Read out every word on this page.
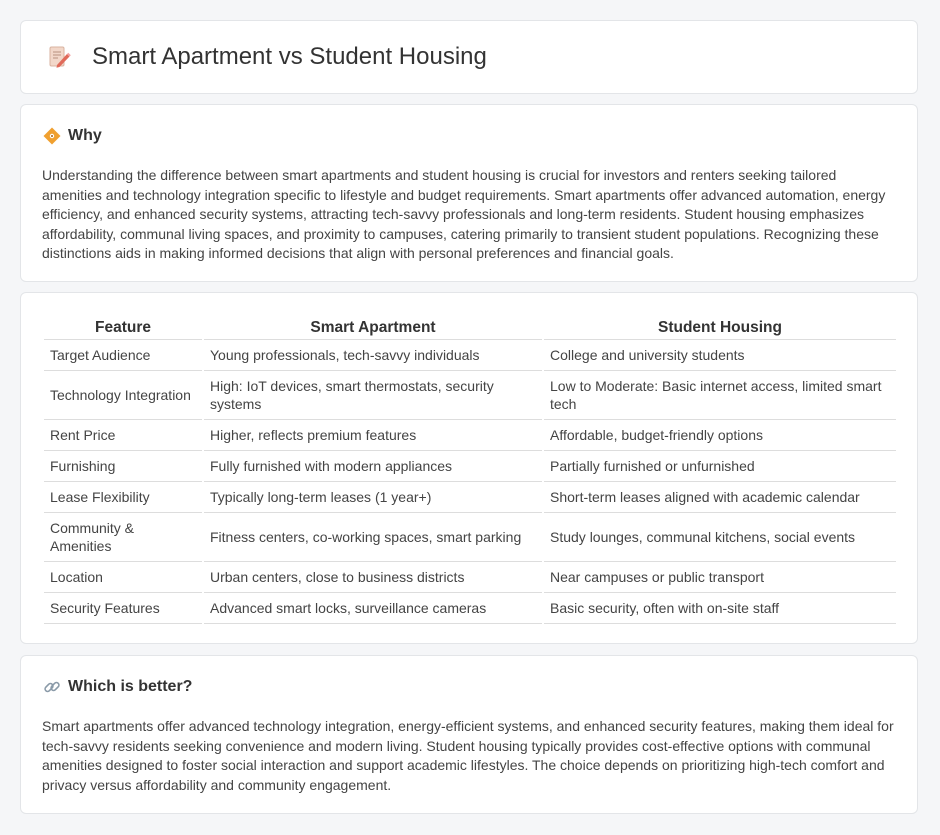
Smart Apartment vs Student Housing
Why

Understanding the difference between smart apartments and student housing is crucial for investors and renters seeking tailored amenities and technology integration specific to lifestyle and budget requirements. Smart apartments offer advanced automation, energy efficiency, and enhanced security systems, attracting tech-savvy professionals and long-term residents. Student housing emphasizes affordability, communal living spaces, and proximity to campuses, catering primarily to transient student populations. Recognizing these distinctions aids in making informed decisions that align with personal preferences and financial goals.

Feature	Smart Apartment	Student Housing
Target Audience	Young professionals, tech-savvy individuals	College and university students
Technology Integration	High: IoT devices, smart thermostats, security systems	Low to Moderate: Basic internet access, limited smart tech
Rent Price	Higher, reflects premium features	Affordable, budget-friendly options
Furnishing	Fully furnished with modern appliances	Partially furnished or unfurnished
Lease Flexibility	Typically long-term leases (1 year+)	Short-term leases aligned with academic calendar
Community & Amenities	Fitness centers, co-working spaces, smart parking	Study lounges, communal kitchens, social events
Location	Urban centers, close to business districts	Near campuses or public transport
Security Features	Advanced smart locks, surveillance cameras	Basic security, often with on-site staff
Which is better?

Smart apartments offer advanced technology integration, energy-efficient systems, and enhanced security features, making them ideal for tech-savvy residents seeking convenience and modern living. Student housing typically provides cost-effective options with communal amenities designed to foster social interaction and support academic lifestyles. The choice depends on prioritizing high-tech comfort and privacy versus affordability and community engagement.
